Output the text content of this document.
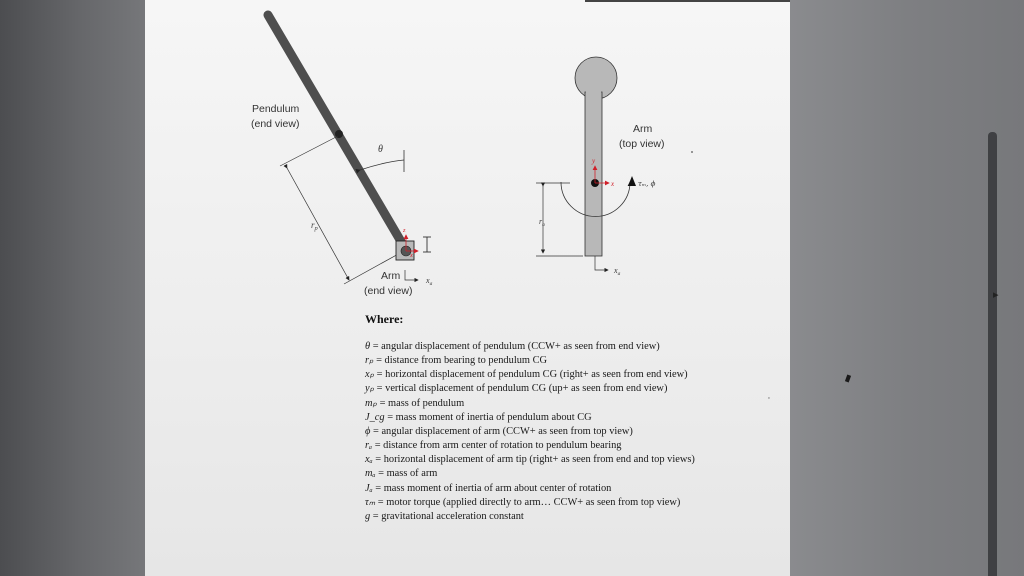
Pendulum
(end view)
θ
$r_p$	z
x
Arm
(end view)
$x_a$
Arm
(top view)
y
x	τₘ, ϕ
$r_a$
$x_a$
Where:
θ = angular displacement of pendulum (CCW+ as seen from end view)
rₚ = distance from bearing to pendulum CG
xₚ = horizontal displacement of pendulum CG (right+ as seen from end view)
yₚ = vertical displacement of pendulum CG (up+ as seen from end view)
mₚ = mass of pendulum
J_cg = mass moment of inertia of pendulum about CG
ϕ = angular displacement of arm (CCW+ as seen from top view)
rₐ = distance from arm center of rotation to pendulum bearing
xₐ = horizontal displacement of arm tip (right+ as seen from end and top views)
mₐ = mass of arm
Jₐ = mass moment of inertia of arm about center of rotation
τₘ = motor torque (applied directly to arm… CCW+ as seen from top view)
g = gravitational acceleration constant
'
▸
